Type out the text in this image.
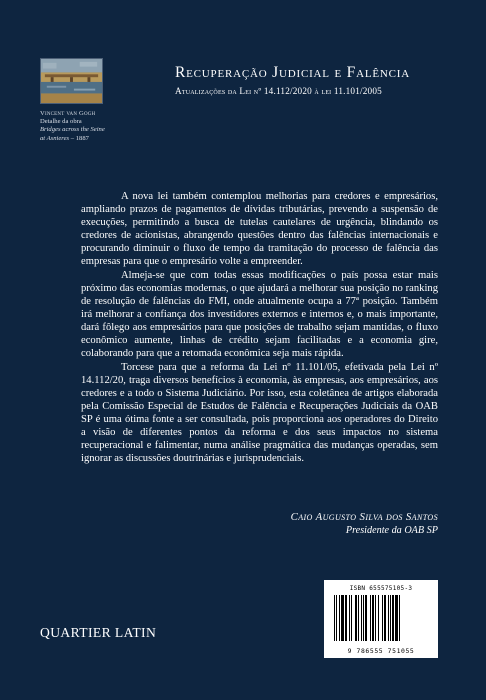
Vincent van Gogh
Detalhe da obra
Bridges across the Seine
at Asnieres – 1887
Recuperação Judicial e Falência
Atualizações da Lei nº 14.112/2020 à lei 11.101/2005

A nova lei também contemplou melhorias para credores e empresários, ampliando prazos de pagamentos de dívidas tributárias, prevendo a suspensão de execuções, permitindo a busca de tutelas cautelares de urgência, blindando os credores de acionistas, abrangendo questões dentro das falências internacionais e procurando diminuir o fluxo de tempo da tramitação do processo de falência das empresas para que o empresário volte a empreender.

Almeja-se que com todas essas modificações o país possa estar mais próximo das economias modernas, o que ajudará a melhorar sua posição no ranking de resolução de falências do FMI, onde atualmente ocupa a 77ª posição. Também irá melhorar a confiança dos investidores externos e internos e, o mais importante, dará fôlego aos empresários para que posições de trabalho sejam mantidas, o fluxo econômico aumente, linhas de crédito sejam facilitadas e a economia gire, colaborando para que a retomada econômica seja mais rápida.

Torcese para que a reforma da Lei nº 11.101/05, efetivada pela Lei nº 14.112/20, traga diversos benefícios à economia, às empresas, aos empresários, aos credores e a todo o Sistema Judiciário. Por isso, esta coletânea de artigos elaborada pela Comissão Especial de Estudos de Falência e Recuperações Judiciais da OAB SP é uma ótima fonte a ser consultada, pois proporciona aos operadores do Direito a visão de diferentes pontos da reforma e dos seus impactos no sistema recuperacional e falimentar, numa análise pragmática das mudanças operadas, sem ignorar as discussões doutrinárias e jurisprudenciais.

Caio Augusto Silva dos Santos
Presidente da OAB SP
QUARTIER LATIN
ISBN 655575105-3
9 786555 751055
